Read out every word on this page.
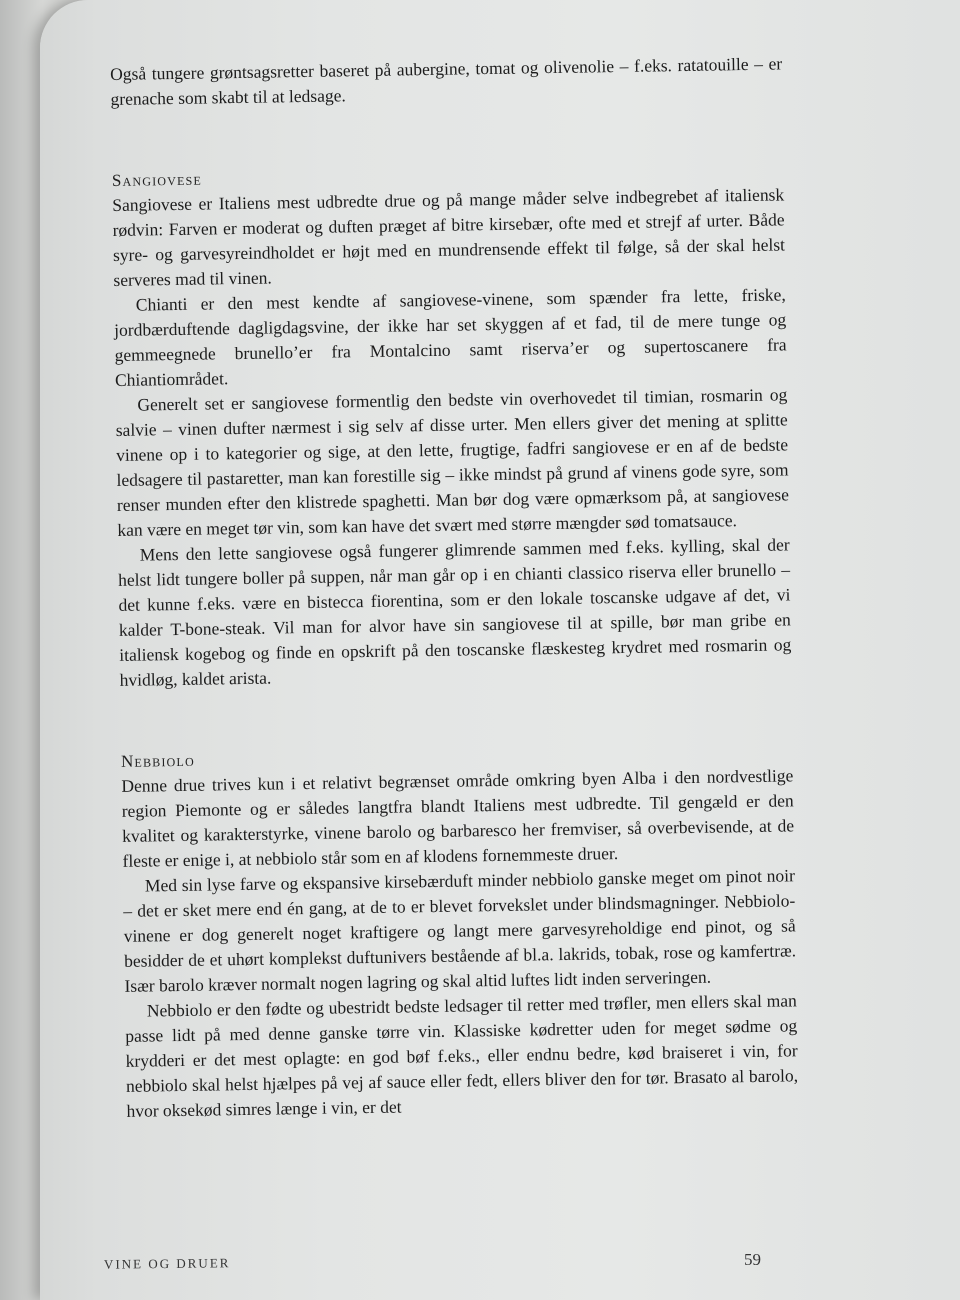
Også tungere grøntsagsretter baseret på aubergine, tomat og olivenolie – f.eks. ratatouille – er grenache som skabt til at ledsage.

Sangiovese

Sangiovese er Italiens mest udbredte drue og på mange måder selve indbegrebet af italiensk rødvin: Farven er moderat og duften præget af bitre kirsebær, ofte med et strejf af urter. Både syre- og garvesyreindholdet er højt med en mundrensende effekt til følge, så der skal helst serveres mad til vinen.

Chianti er den mest kendte af sangiovese-vinene, som spænder fra lette, friske, jordbærduftende dagligdagsvine, der ikke har set skyggen af et fad, til de mere tunge og gemmeegnede brunello’er fra Montalcino samt riserva’er og supertoscanere fra Chiantiområdet.

Generelt set er sangiovese formentlig den bedste vin overhovedet til timian, rosmarin og salvie – vinen dufter nærmest i sig selv af disse urter. Men ellers giver det mening at splitte vinene op i to kategorier og sige, at den lette, frugtige, fadfri sangiovese er en af de bedste ledsagere til pastaretter, man kan forestille sig – ikke mindst på grund af vinens gode syre, som renser munden efter den klistrede spaghetti. Man bør dog være opmærksom på, at sangiovese kan være en meget tør vin, som kan have det svært med større mængder sød tomatsauce.

Mens den lette sangiovese også fungerer glimrende sammen med f.eks. kylling, skal der helst lidt tungere boller på suppen, når man går op i en chianti classico riserva eller brunello – det kunne f.eks. være en bistecca fiorentina, som er den lokale toscanske udgave af det, vi kalder T-bone-steak. Vil man for alvor have sin sangiovese til at spille, bør man gribe en italiensk kogebog og finde en opskrift på den toscanske flæskesteg krydret med rosmarin og hvidløg, kaldet arista.

Nebbiolo

Denne drue trives kun i et relativt begrænset område omkring byen Alba i den nordvestlige region Piemonte og er således langtfra blandt Italiens mest udbredte. Til gengæld er den kvalitet og karakterstyrke, vinene barolo og barbaresco her fremviser, så overbevisende, at de fleste er enige i, at nebbiolo står som en af klodens fornemmeste druer.

Med sin lyse farve og ekspansive kirsebærduft minder nebbiolo ganske meget om pinot noir – det er sket mere end én gang, at de to er blevet forvekslet under blindsmagninger. Nebbiolo-vinene er dog generelt noget kraftigere og langt mere garvesyreholdige end pinot, og så besidder de et uhørt komplekst duftunivers bestående af bl.a. lakrids, tobak, rose og kamfertræ. Især barolo kræver normalt nogen lagring og skal altid luftes lidt inden serveringen.

Nebbiolo er den fødte og ubestridt bedste ledsager til retter med trøfler, men ellers skal man passe lidt på med denne ganske tørre vin. Klassiske kødretter uden for meget sødme og krydderi er det mest oplagte: en god bøf f.eks., eller endnu bedre, kød braiseret i vin, for nebbiolo skal helst hjælpes på vej af sauce eller fedt, ellers bliver den for tør. Brasato al barolo, hvor oksekød simres længe i vin, er det

VINE OG DRUER	59
